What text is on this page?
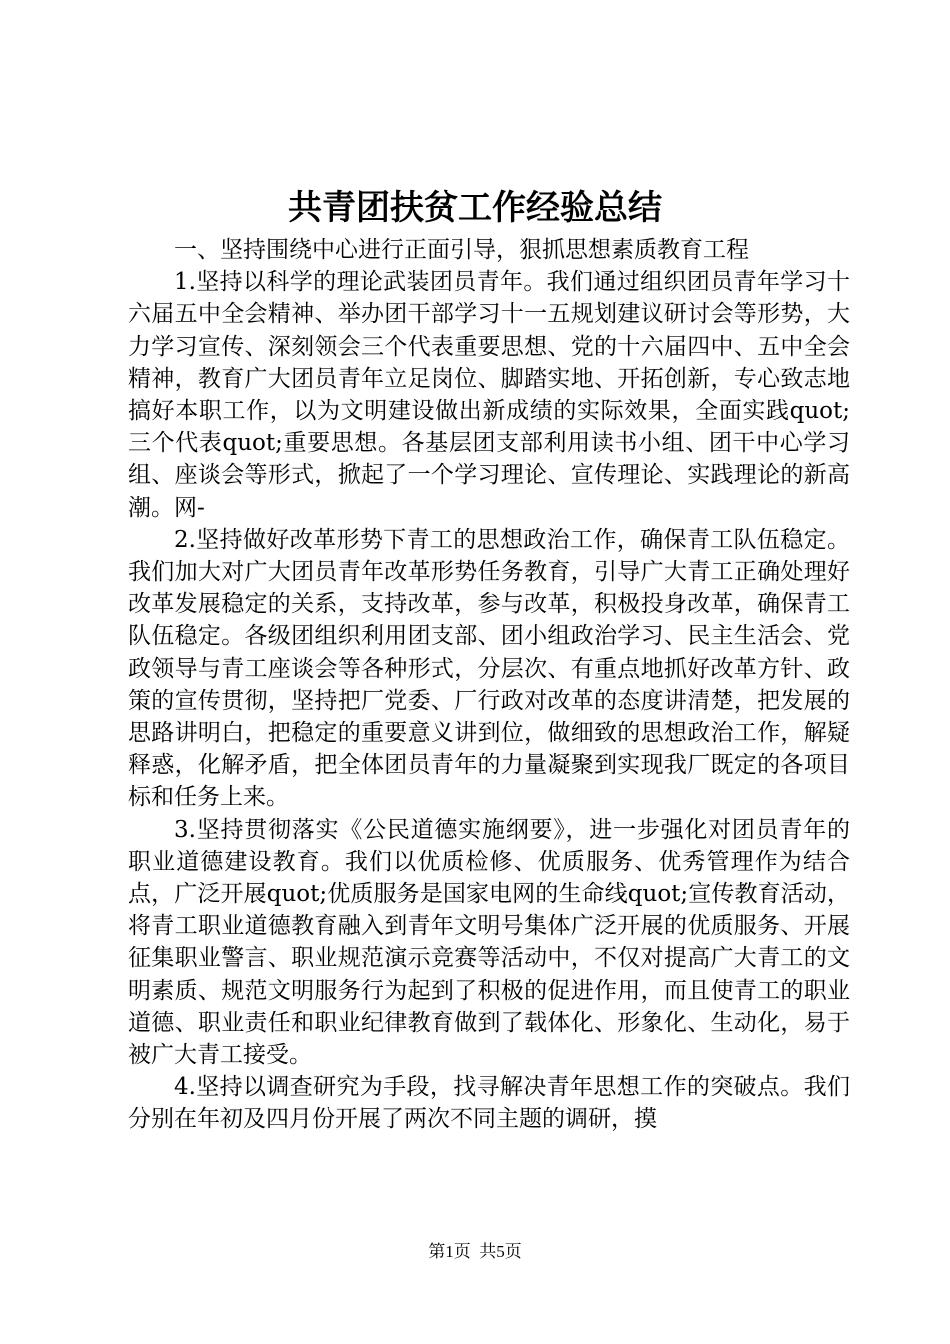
共青团扶贫工作经验总结

一、坚持围绕中心进行正面引导，狠抓思想素质教育工程

1.坚持以科学的理论武装团员青年。我们通过组织团员青年学习十六届五中全会精神、举办团干部学习十一五规划建议研讨会等形势，大力学习宣传、深刻领会三个代表重要思想、党的十六届四中、五中全会精神，教育广大团员青年立足岗位、脚踏实地、开拓创新，专心致志地搞好本职工作，以为文明建设做出新成绩的实际效果，全面实践quot;三个代表quot;重要思想。各基层团支部利用读书小组、团干中心学习组、座谈会等形式，掀起了一个学习理论、宣传理论、实践理论的新高潮。网-

2.坚持做好改革形势下青工的思想政治工作，确保青工队伍稳定。我们加大对广大团员青年改革形势任务教育，引导广大青工正确处理好改革发展稳定的关系，支持改革，参与改革，积极投身改革，确保青工队伍稳定。各级团组织利用团支部、团小组政治学习、民主生活会、党政领导与青工座谈会等各种形式，分层次、有重点地抓好改革方针、政策的宣传贯彻，坚持把厂党委、厂行政对改革的态度讲清楚，把发展的思路讲明白，把稳定的重要意义讲到位，做细致的思想政治工作，解疑释惑，化解矛盾，把全体团员青年的力量凝聚到实现我厂既定的各项目标和任务上来。

3.坚持贯彻落实《公民道德实施纲要》，进一步强化对团员青年的职业道德建设教育。我们以优质检修、优质服务、优秀管理作为结合点，广泛开展quot;优质服务是国家电网的生命线quot;宣传教育活动，将青工职业道德教育融入到青年文明号集体广泛开展的优质服务、开展征集职业警言、职业规范演示竞赛等活动中，不仅对提高广大青工的文明素质、规范文明服务行为起到了积极的促进作用，而且使青工的职业道德、职业责任和职业纪律教育做到了载体化、形象化、生动化，易于被广大青工接受。

4.坚持以调查研究为手段，找寻解决青年思想工作的突破点。我们分别在年初及四月份开展了两次不同主题的调研，摸

第1页 共5页
